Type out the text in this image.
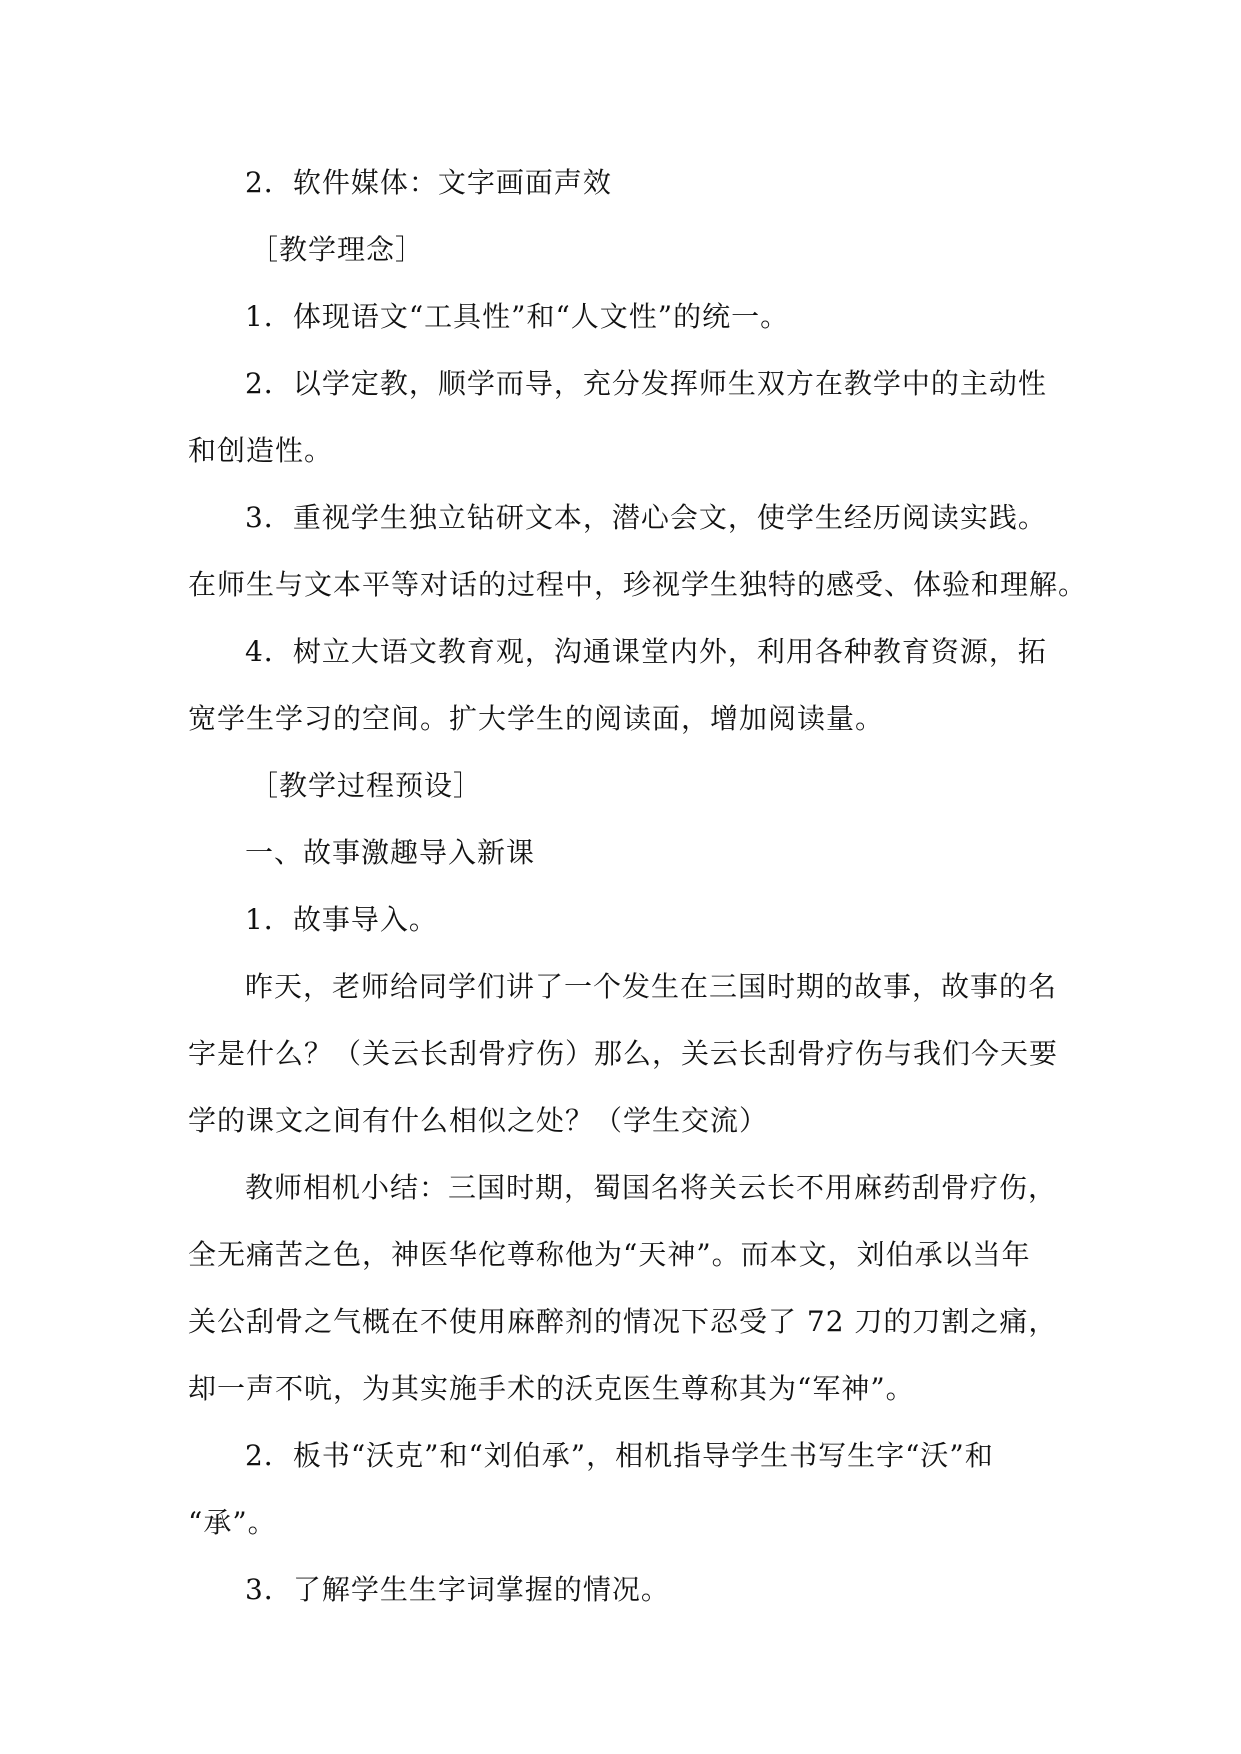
2．软件媒体：文字画面声效
［教学理念］
1．体现语文“工具性”和“人文性”的统一。
2．以学定教，顺学而导，充分发挥师生双方在教学中的主动性
和创造性。
3．重视学生独立钻研文本，潜心会文，使学生经历阅读实践。
在师生与文本平等对话的过程中，珍视学生独特的感受、体验和理解。
4．树立大语文教育观，沟通课堂内外，利用各种教育资源，拓
宽学生学习的空间。扩大学生的阅读面，增加阅读量。
［教学过程预设］
一、故事激趣导入新课
1．故事导入。
昨天，老师给同学们讲了一个发生在三国时期的故事，故事的名
字是什么？（关云长刮骨疗伤）那么，关云长刮骨疗伤与我们今天要
学的课文之间有什么相似之处？（学生交流）
教师相机小结：三国时期，蜀国名将关云长不用麻药刮骨疗伤，
全无痛苦之色，神医华佗尊称他为“天神”。而本文，刘伯承以当年
关公刮骨之气概在不使用麻醉剂的情况下忍受了 72 刀的刀割之痛，
却一声不吭，为其实施手术的沃克医生尊称其为“军神”。
2．板书“沃克”和“刘伯承”，相机指导学生书写生字“沃”和
“承”。
3．了解学生生字词掌握的情况。
